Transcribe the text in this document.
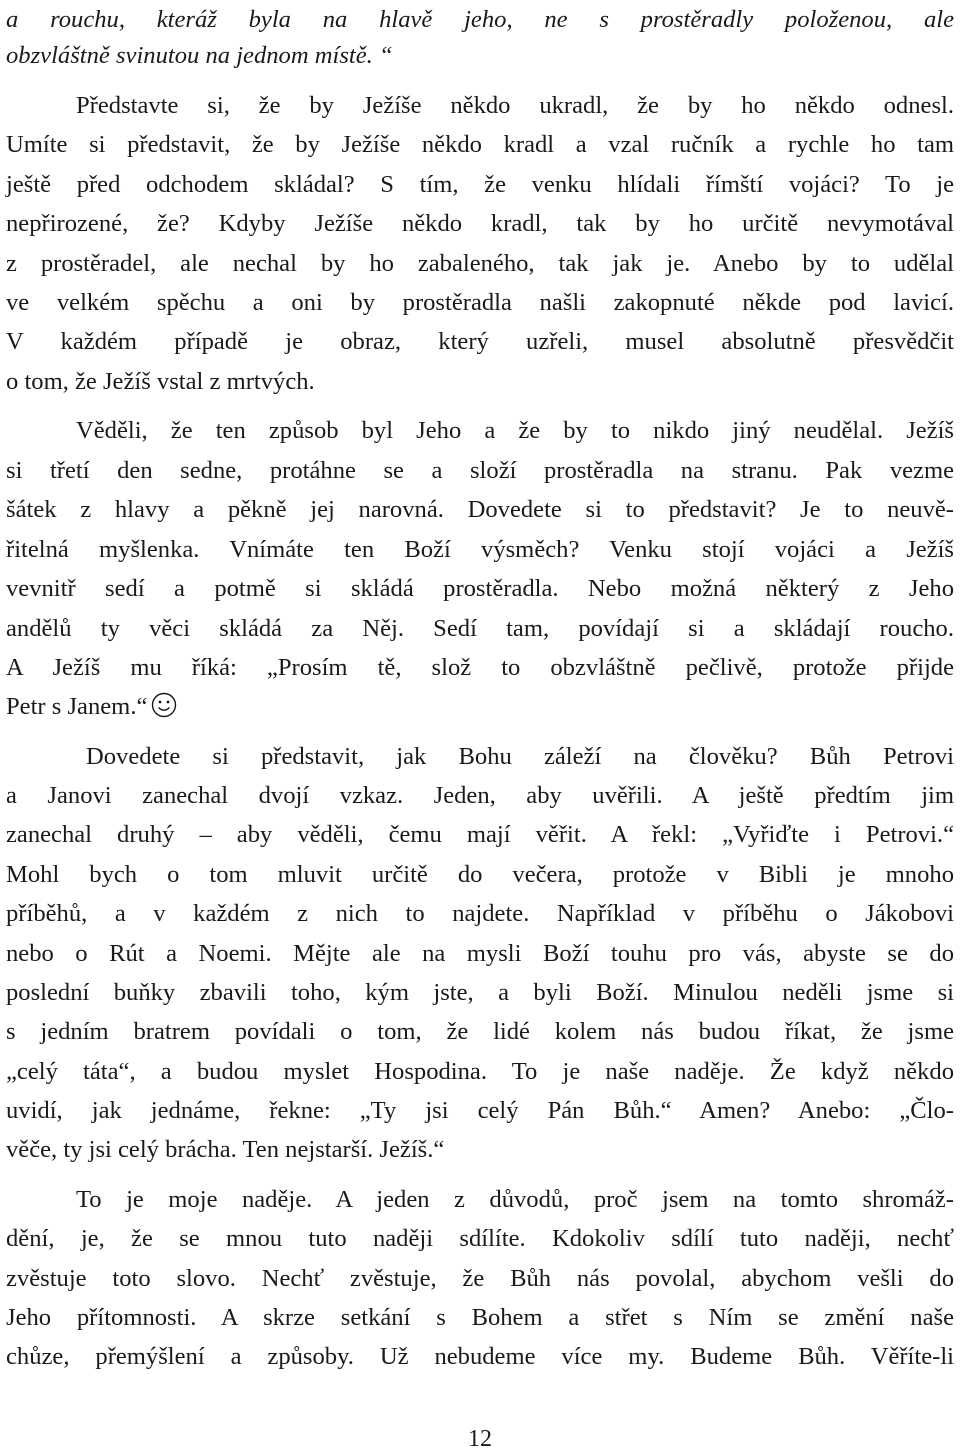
a rouchu, kteráž byla na hlavě jeho, ne s prostěradly položenou, ale
obzvláštně svinutou na jednom místě. “
Představte si, že by Ježíše někdo ukradl, že by ho někdo odnesl.
Umíte si představit, že by Ježíše někdo kradl a vzal ručník a rychle ho tam
ještě před odchodem skládal? S tím, že venku hlídali římští vojáci? To je
nepřirozené, že? Kdyby Ježíše někdo kradl, tak by ho určitě nevymotával
z prostěradel, ale nechal by ho zabaleného, tak jak je. Anebo by to udělal
ve velkém spěchu a oni by prostěradla našli zakopnuté někde pod lavicí.
V každém případě je obraz, který uzřeli, musel absolutně přesvědčit
o tom, že Ježíš vstal z mrtvých.
Věděli, že ten způsob byl Jeho a že by to nikdo jiný neudělal. Ježíš
si třetí den sedne, protáhne se a složí prostěradla na stranu. Pak vezme
šátek z hlavy a pěkně jej narovná. Dovedete si to představit? Je to neuvě-
řitelná myšlenka. Vnímáte ten Boží výsměch? Venku stojí vojáci a Ježíš
vevnitř sedí a potmě si skládá prostěradla. Nebo možná některý z Jeho
andělů ty věci skládá za Něj. Sedí tam, povídají si a skládají roucho.
A Ježíš mu říká: „Prosím tě, slož to obzvláštně pečlivě, protože přijde
Petr s Janem.“
Dovedete si představit, jak Bohu záleží na člověku? Bůh Petrovi
a Janovi zanechal dvojí vzkaz. Jeden, aby uvěřili. A ještě předtím jim
zanechal druhý – aby věděli, čemu mají věřit. A řekl: „Vyřiďte i Petrovi.“
Mohl bych o tom mluvit určitě do večera, protože v Bibli je mnoho
příběhů, a v každém z nich to najdete. Například v příběhu o Jákobovi
nebo o Rút a Noemi. Mějte ale na mysli Boží touhu pro vás, abyste se do
poslední buňky zbavili toho, kým jste, a byli Boží. Minulou neděli jsme si
s jedním bratrem povídali o tom, že lidé kolem nás budou říkat, že jsme
„celý táta“, a budou myslet Hospodina. To je naše naděje. Že když někdo
uvidí, jak jednáme, řekne: „Ty jsi celý Pán Bůh.“ Amen? Anebo: „Člo-
věče, ty jsi celý brácha. Ten nejstarší. Ježíš.“
To je moje naděje. A jeden z důvodů, proč jsem na tomto shromáž-
dění, je, že se mnou tuto naději sdílíte. Kdokoliv sdílí tuto naději, nechť
zvěstuje toto slovo. Nechť zvěstuje, že Bůh nás povolal, abychom vešli do
Jeho přítomnosti. A skrze setkání s Bohem a střet s Ním se změní naše
chůze, přemýšlení a způsoby. Už nebudeme více my. Budeme Bůh. Věříte-li
12
